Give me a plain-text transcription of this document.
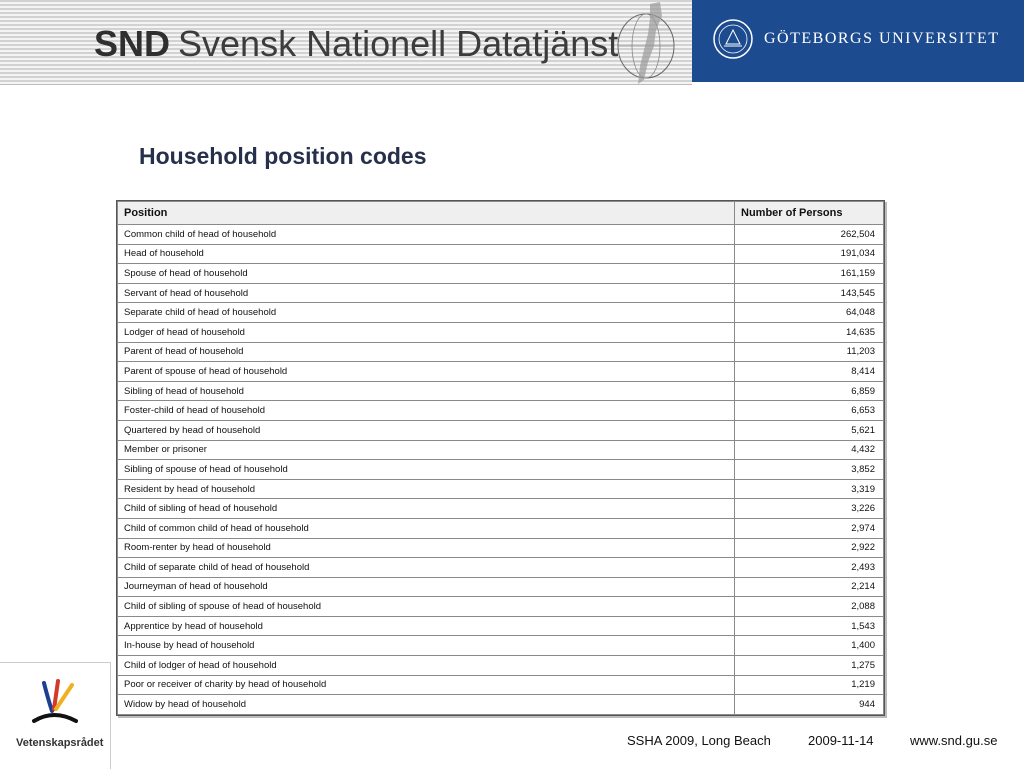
SND Svensk Nationell Datatjänst	GÖTEBORGS UNIVERSITET
Household position codes
Position	Number of Persons
Common child of head of household	262,504
Head of household	191,034
Spouse of head of household	161,159
Servant of head of household	143,545
Separate child of head of household	64,048
Lodger of head of household	14,635
Parent of head of household	11,203
Parent of spouse of head of household	8,414
Sibling of head of household	6,859
Foster-child of head of household	6,653
Quartered by head of household	5,621
Member or prisoner	4,432
Sibling of spouse of head of household	3,852
Resident by head of household	3,319
Child of sibling of head of household	3,226
Child of common child of head of household	2,974
Room-renter by head of household	2,922
Child of separate child of head of household	2,493
Journeyman of head of household	2,214
Child of sibling of spouse of head of household	2,088
Apprentice by head of household	1,543
In-house by head of household	1,400
Child of lodger of head of household	1,275
Poor or receiver of charity by head of household	1,219
Widow by head of household	944
Vetenskapsrådet	SSHA 2009, Long Beach	2009-11-14	www.snd.gu.se
